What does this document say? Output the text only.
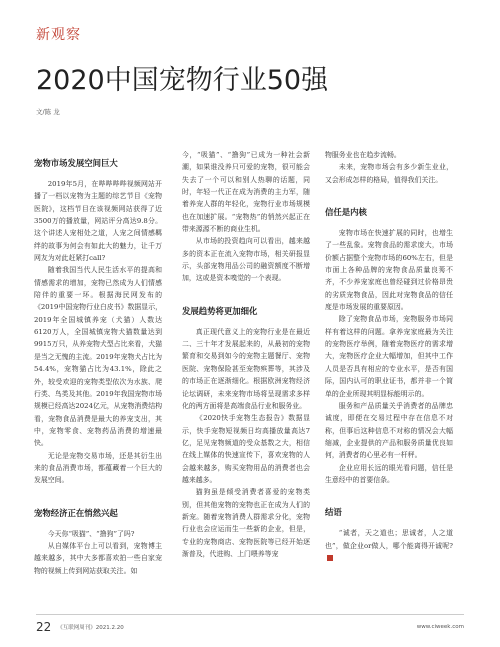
新观察
2020中国宠物行业50强
文/陈 龙
宠物市场发展空间巨大

2019年5月，在哔哔哔哔视频网站开播了一档以宠物为主题的综艺节目《宠物医院》，这档节目在该视频网站获得了近3500万的播放量，网站评分高达9.8分。这个讲述人宠相处之道，人宠之间情感羁绊的故事为何会有如此大的魅力，让千万网友为对此赶紧打call?

随着我国当代人民生活水平的提高和情感需求的增加，宠物已然成为人们情感陪伴的重要一环。根据海民网发布的《2019中国宠物行业白皮书》数据显示，2019年全国城镇养宠（犬猫）人数达6120万人，全国城镇宠物犬猫数量达到9915万只，从养宠物犬型占比来看，犬猫是当之无愧的主流。2019年宠物犬占比为54.4%，宠物猫占比为43.1%，除此之外，较受欢迎的宠物类型依次为水族、爬行类、鸟类及其他。2019年我国宠物市场规模已经高达2024亿元，从宠物消费结构看，宠物食品消费是最大的养宠支出，其中，宠物零食、宠物药品消费的增速最快。

无论是宠物交易市场，还是其衍生出来的食品消费市场，都蕴藏着一个巨大的发展空间。

宠物经济正在悄然兴起

今天你“吸猫”、“撸狗”了吗?

从自媒体平台上可以看到，宠物博主越来越多，其中大多都喜欢拍一些自家宠物的视频上传到网站获取关注。如

今，“吸猫”、“撸狗”已成为一种社会新潮，如果谁没养只可爱的宠物，很可能会失去了一个可以和别人热聊的话题，同时，年轻一代正在成为消费的主力军，随着养宠人群的年轻化，宠物行业市场规模也在加速扩展。“宠物热”的悄然兴起正在带来源源不断的商业生机。

从市场的投资趋向可以看出，越来越多的资本正在流入宠物市场，相关研报显示，头部宠物用品公司的融资额度不断增加，这或是资本嗅觉的一个表现。

发展趋势将更加细化

真正现代意义上的宠物行业是在最近二、三十年才发展起来的，从最初的宠物繁育和交易到如今的宠物主题餐厅、宠物医院、宠物保险甚至宠物殡葬等，其涉及的市场正在逐渐细化。根据欧洲宠物经济论坛调研，未来宠物市场将呈现需求多样化的两方面将是高端食品行业和服务业。

《2020快手宠物生态报告》数据显示，快手宠物短视频日均高播放量高达7亿，足见宠物频道的受众基数之大，相信在线上媒体的快速宣传下，喜欢宠物的人会越来越多，购买宠物用品的消费者也会越来越多。

猫狗虽是倾受消费者喜爱的宠物类别，但其他宠物的宠物也正在成为人们的新宠。随着宠物消费人群需求分化，宠物行业也会应运而生一些新的企业，但是，专业的宠物商店、宠物医院等已经开始逐渐普及，代进购、上门喂养等宠

物服务业也在趋步流畅。

未来，宠物市场会有多少新生业业，又会形成怎样的格局，值得我们关注。

信任是内核

宠物市场在快速扩展的同时，也增生了一些乱象。宠物食品的需求庞大，市场价额占据整个宠物市场的60%左右，但是市面上各种品牌的宠物食品质量良莠不齐，不少养宠家庭也曾经碰到过价格昂贵的劣质宠物食品，因此对宠物食品的信任度是市场发展的重要原因。

除了宠物食品市场，宠物服务市场同样有着这样的问题。拿养宠家庭最为关注的宠物医疗举例，随着宠物医疗的需求增大，宠物医疗企业大幅增加，但其中工作人员是否具有相应的专业水平，是否有国际，国内认可的职业证书，都并非一个简单的企业所现其明显标能明示的。

服务和产品质量关乎消费者的品牌忠诚度，即便在交易过程中存在信息不对称，但事后这种信息不对称的情况会大幅缩减，企业提供的产品和服务质量优良如何，消费者的心里必有一杆秤。

企业应用长远的眼光看问题，信任是生意经中的首要信条。

结语

“诚者，天之道也；思诚者，人之道也”，做企业or做人，哪个能离得开诚呢?

22 《互联网周刊》2021.2.20	www.ciweek.com
